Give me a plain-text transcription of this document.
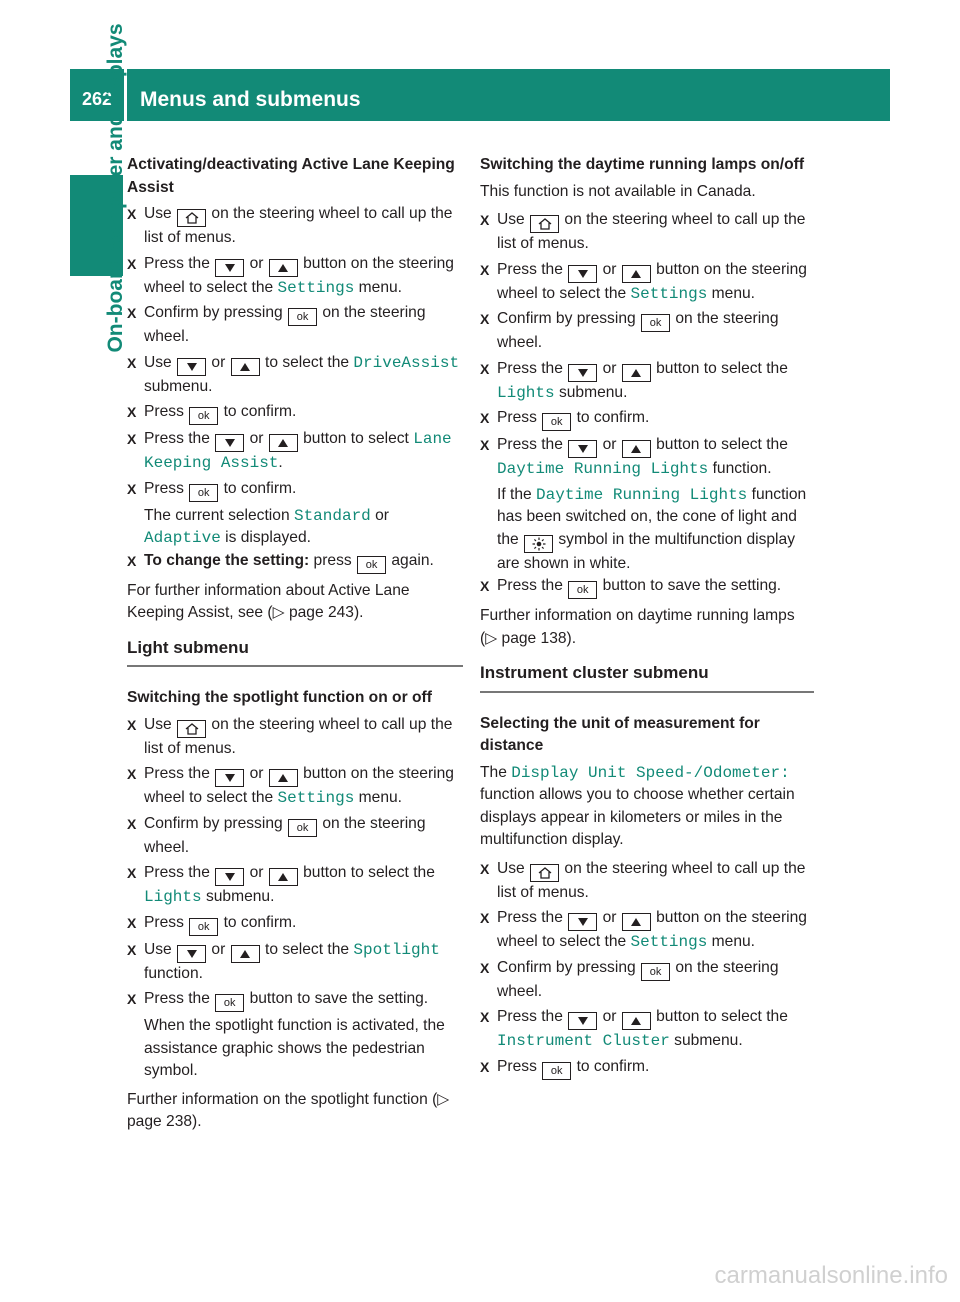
262	Menus and submenus
On-board computer and displays Activating/deactivating Active Lane Keeping Assist
X Use	on the steering wheel to call up the list of menus.
X Press the	or	button on the steering wheel to select the Settings menu.
X Confirm by pressing ok on the steering wheel.
X Use	or	to select the DriveAssist submenu.
X Press ok to confirm.
X Press the	or	button to select Lane Keeping Assist.
X Press ok to confirm.
The current selection Standard or Adaptive is displayed.
X To change the setting: press ok again.
For further information about Active Lane Keeping Assist, see (▷ page 243).
Light submenu
Switching the spotlight function on or off
X Use	on the steering wheel to call up the list of menus.
X Press the	or	button on the steering wheel to select the Settings menu.
X Confirm by pressing ok on the steering wheel.
X Press the	or	button to select the Lights submenu.
X Press ok to confirm.
X Use	or	to select the Spotlight function.
X Press the ok button to save the setting.
When the spotlight function is activated, the assistance graphic shows the pedestrian symbol.
Further information on the spotlight function (▷ page 238).
Switching the daytime running lamps on/off
This function is not available in Canada.
X Use	on the steering wheel to call up the list of menus.
X Press the	or	button on the steering wheel to select the Settings menu.
X Confirm by pressing ok on the steering wheel.
X Press the	or	button to select the Lights submenu.
X Press ok to confirm.
X Press the	or	button to select the Daytime Running Lights function.
If the Daytime Running Lights function has been switched on, the cone of light and the	symbol in the multifunction display are shown in white.
X Press the ok button to save the setting.
Further information on daytime running lamps (▷ page 138).
Instrument cluster submenu
Selecting the unit of measurement for distance
The Display Unit Speed-/Odometer: function allows you to choose whether certain displays appear in kilometers or miles in the multifunction display.
X Use	on the steering wheel to call up the list of menus.
X Press the	or	button on the steering wheel to select the Settings menu.
X Confirm by pressing ok on the steering wheel.
X Press the	or	button to select the Instrument Cluster submenu.
X Press ok to confirm.
carmanualsonline.info
